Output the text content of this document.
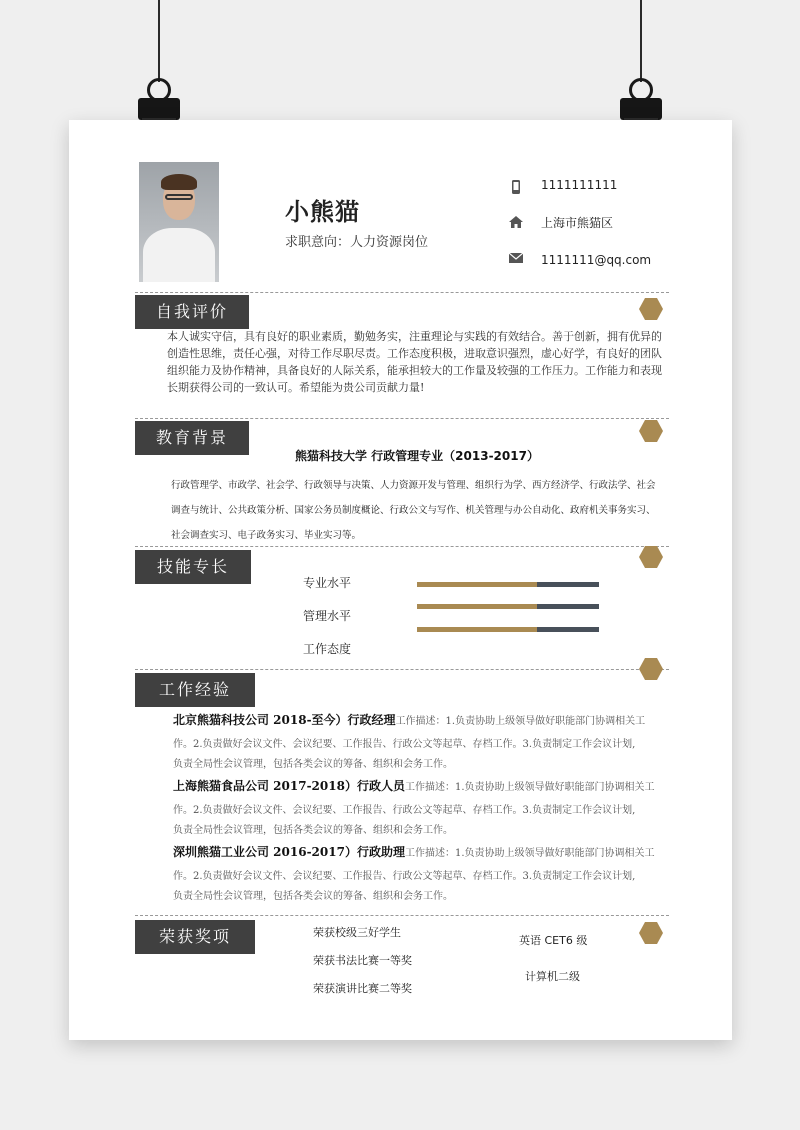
小熊猫
求职意向：人力资源岗位
1111111111
上海市熊猫区
1111111@qq.com
自我评价
本人诚实守信，具有良好的职业素质，勤勉务实，注重理论与实践的有效结合。善于创新，拥有优异的创造性思维，责任心强，对待工作尽职尽责。工作态度积极，进取意识强烈，虚心好学，有良好的团队组织能力及协作精神，具备良好的人际关系，能承担较大的工作量及较强的工作压力。工作能力和表现长期获得公司的一致认可。希望能为贵公司贡献力量!
教育背景
熊猫科技大学 行政管理专业（2013-2017）
行政管理学、市政学、社会学、行政领导与决策、人力资源开发与管理、组织行为学、西方经济学、行政法学、社会
调查与统计、公共政策分析、国家公务员制度概论、行政公文与写作、机关管理与办公自动化、政府机关事务实习、
社会调查实习、电子政务实习、毕业实习等。
技能专长
专业水平
管理水平
工作态度
工作经验
北京熊猫科技公司 2018-至今）行政经理工作描述：1.负责协助上级领导做好职能部门协调相关工
作。2.负责做好会议文件、会议纪要、工作报告、行政公文等起草、存档工作。3.负责制定工作会议计划,
负责全局性会议管理，包括各类会议的筹备、组织和会务工作。
上海熊猫食品公司 2017-2018）行政人员工作描述：1.负责协助上级领导做好职能部门协调相关工
作。2.负责做好会议文件、会议纪要、工作报告、行政公文等起草、存档工作。3.负责制定工作会议计划,
负责全局性会议管理，包括各类会议的筹备、组织和会务工作。
深圳熊猫工业公司 2016-2017）行政助理工作描述：1.负责协助上级领导做好职能部门协调相关工
作。2.负责做好会议文件、会议纪要、工作报告、行政公文等起草、存档工作。3.负责制定工作会议计划,
负责全局性会议管理，包括各类会议的筹备、组织和会务工作。
荣获奖项	荣获校级三好学生
荣获书法比赛一等奖
荣获演讲比赛二等奖
英语 CET6 级
计算机二级
